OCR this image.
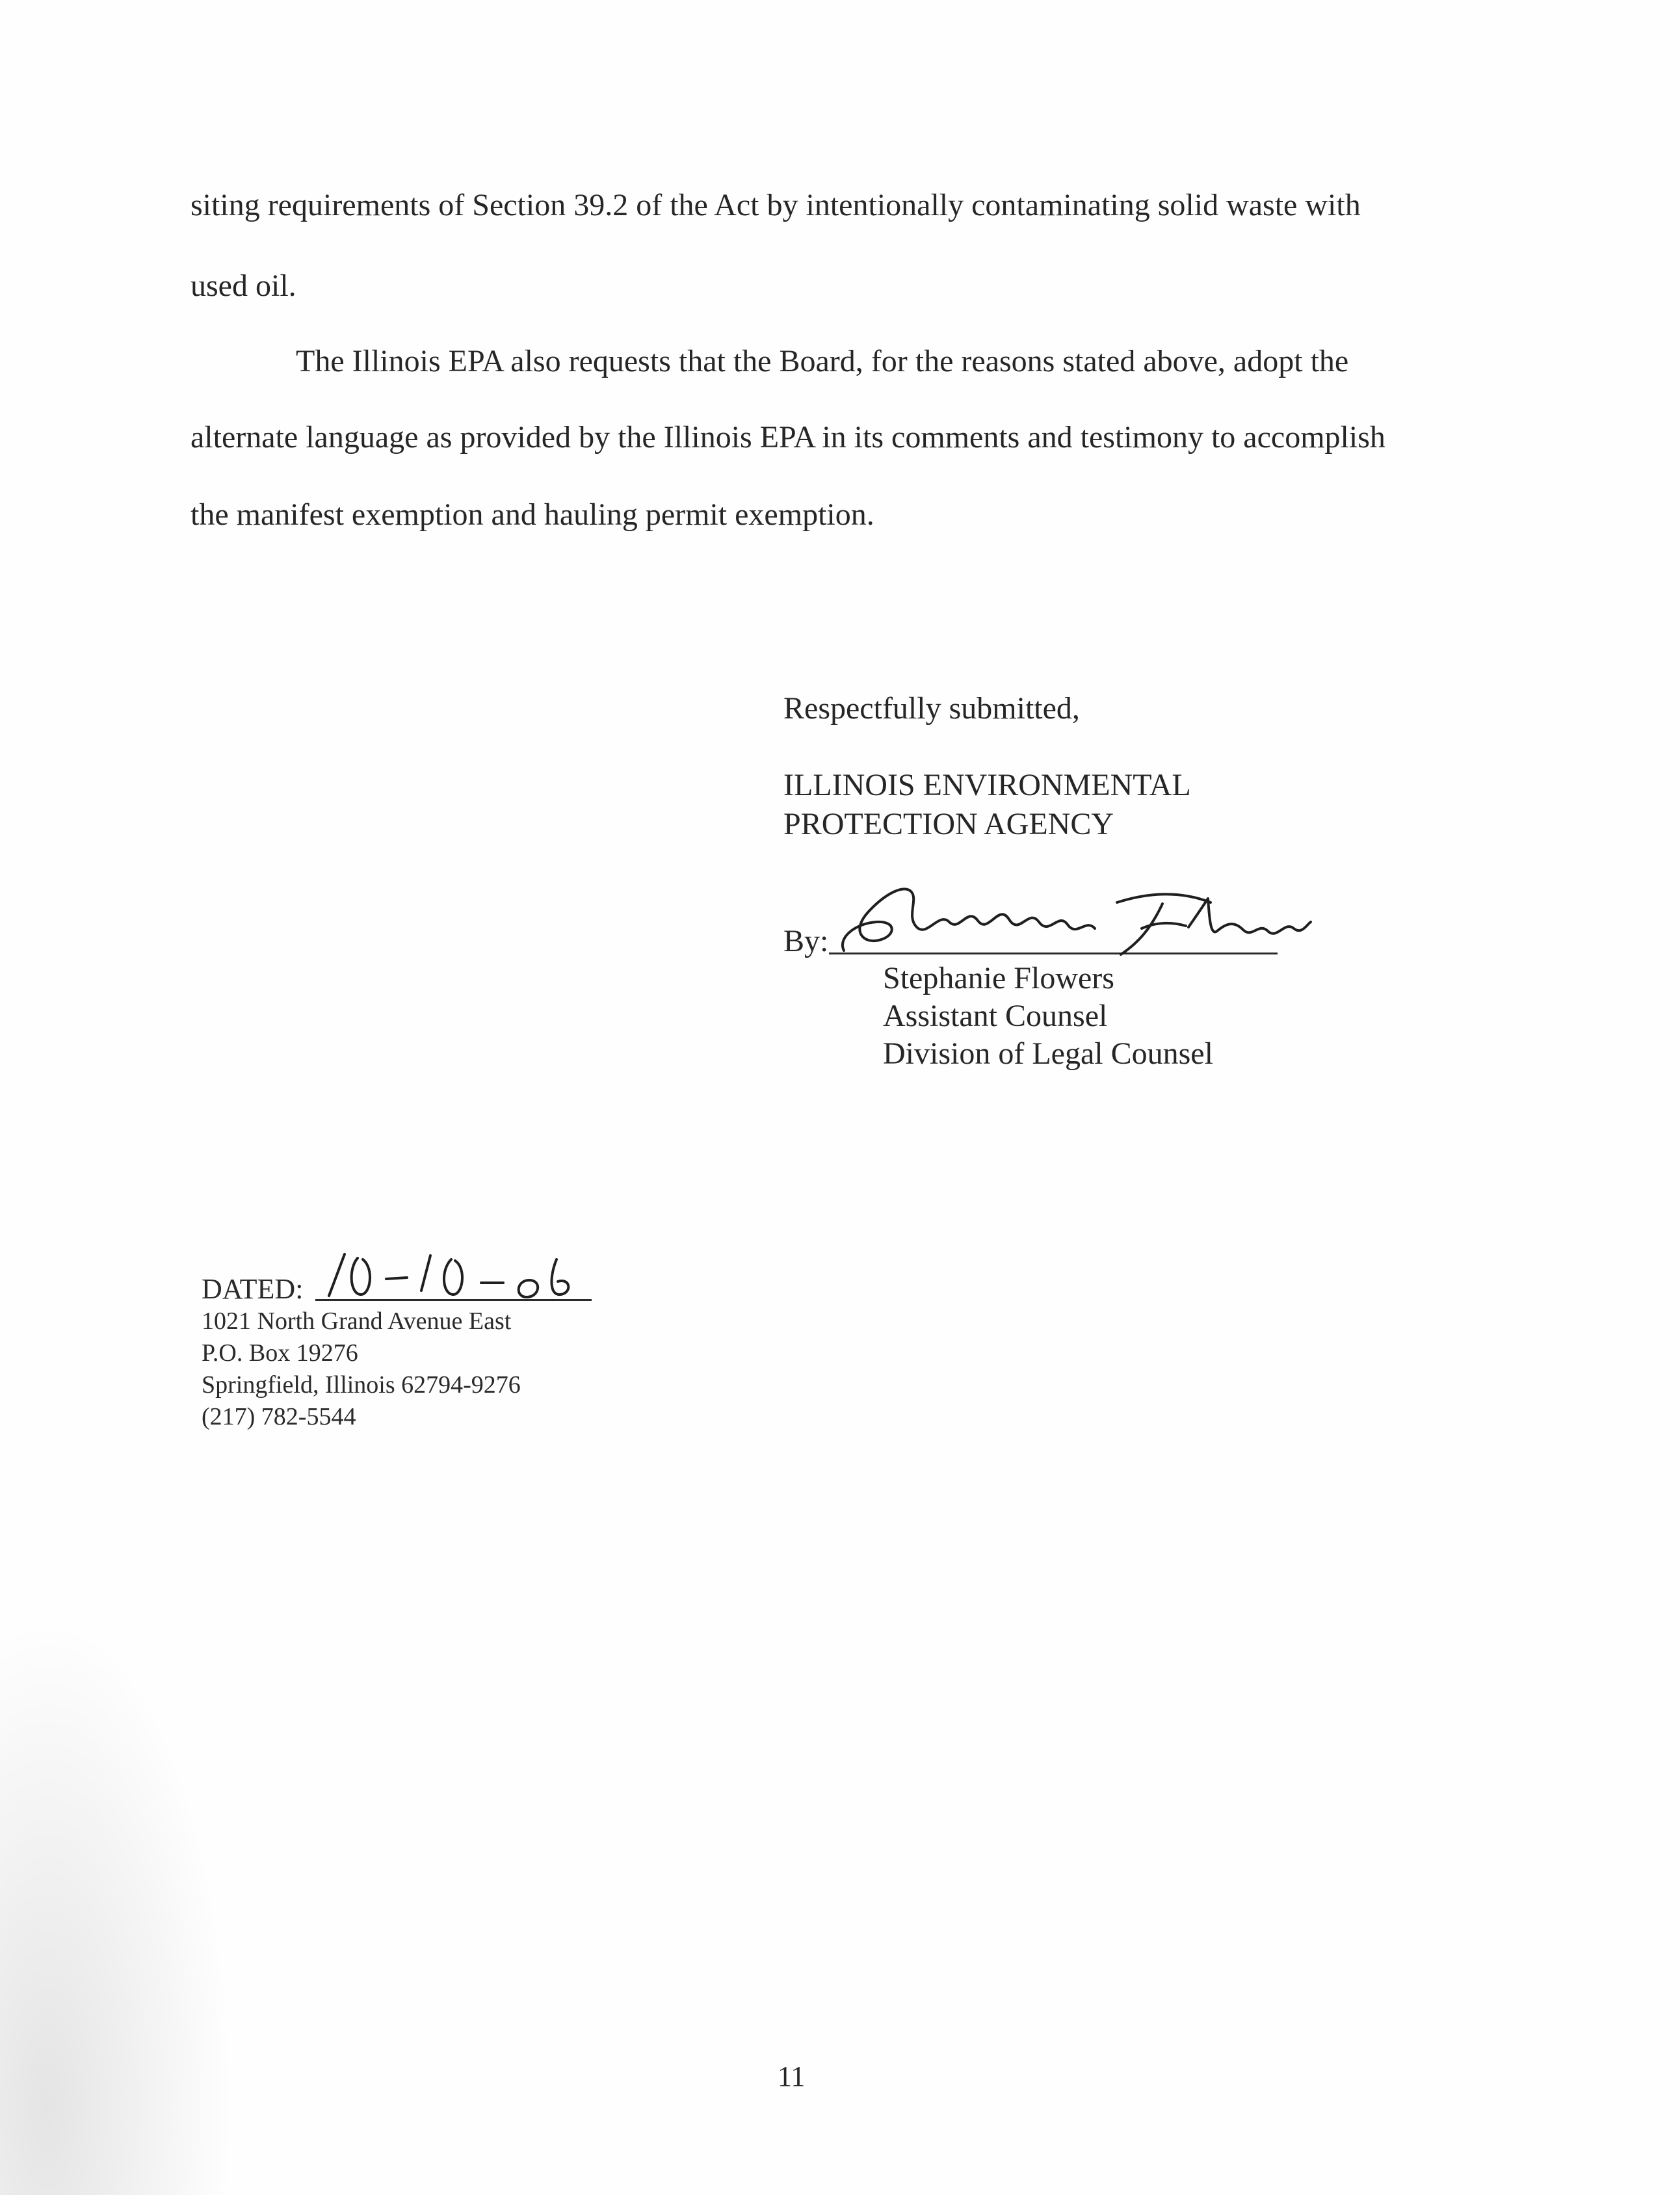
siting requirements of Section 39.2 of the Act by intentionally contaminating solid waste with
used oil.
The Illinois EPA also requests that the Board, for the reasons stated above, adopt the
alternate language as provided by the Illinois EPA in its comments and testimony to accomplish
the manifest exemption and hauling permit exemption.
Respectfully submitted,
ILLINOIS ENVIRONMENTAL
PROTECTION AGENCY
By:
Stephanie Flowers
Assistant Counsel
Division of Legal Counsel
DATED:
1021 North Grand Avenue East
P.O. Box 19276
Springfield, Illinois 62794-9276
(217) 782-5544
11
